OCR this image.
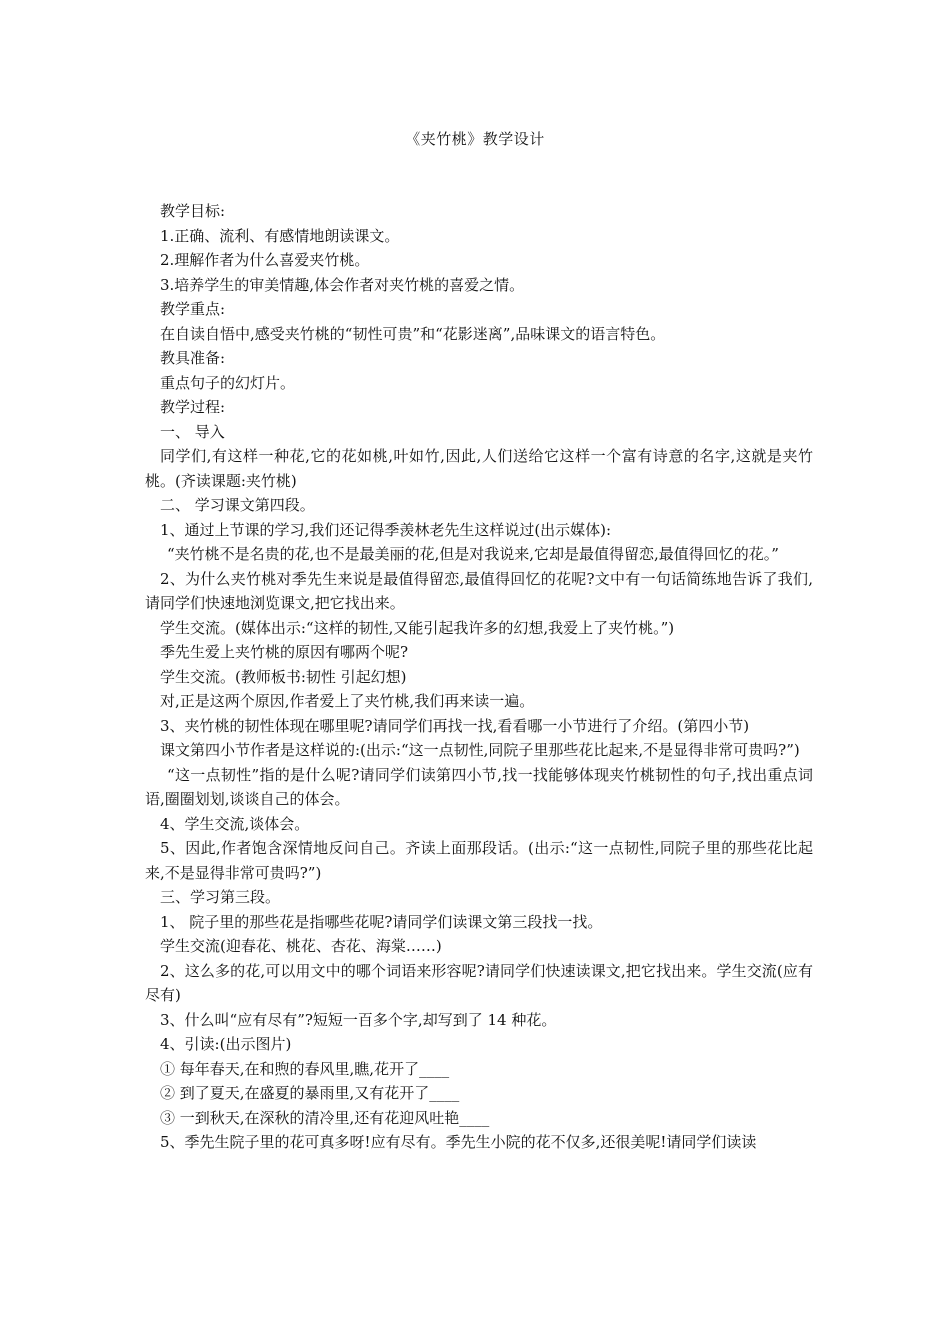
《夹竹桃》教学设计

教学目标:

1.正确、流利、有感情地朗读课文。

2.理解作者为什么喜爱夹竹桃。

3.培养学生的审美情趣,体会作者对夹竹桃的喜爱之情。

教学重点:

在自读自悟中,感受夹竹桃的“韧性可贵”和“花影迷离”,品味课文的语言特色。

教具准备:

重点句子的幻灯片。

教学过程:

一、 导入

同学们,有这样一种花,它的花如桃,叶如竹,因此,人们送给它这样一个富有诗意的名字,这就是夹竹桃。(齐读课题:夹竹桃)

二、 学习课文第四段。

1、通过上节课的学习,我们还记得季羡林老先生这样说过(出示媒体):

“夹竹桃不是名贵的花,也不是最美丽的花,但是对我说来,它却是最值得留恋,最值得回忆的花。”

2、为什么夹竹桃对季先生来说是最值得留恋,最值得回忆的花呢?文中有一句话简练地告诉了我们,请同学们快速地浏览课文,把它找出来。

学生交流。(媒体出示:“这样的韧性,又能引起我许多的幻想,我爱上了夹竹桃。”)

季先生爱上夹竹桃的原因有哪两个呢?

学生交流。(教师板书:韧性 引起幻想)

对,正是这两个原因,作者爱上了夹竹桃,我们再来读一遍。

3、夹竹桃的韧性体现在哪里呢?请同学们再找一找,看看哪一小节进行了介绍。(第四小节)

课文第四小节作者是这样说的:(出示:“这一点韧性,同院子里那些花比起来,不是显得非常可贵吗?”)

“这一点韧性”指的是什么呢?请同学们读第四小节,找一找能够体现夹竹桃韧性的句子,找出重点词语,圈圈划划,谈谈自己的体会。

4、学生交流,谈体会。

5、因此,作者饱含深情地反问自己。齐读上面那段话。(出示:“这一点韧性,同院子里的那些花比起来,不是显得非常可贵吗?”)

三、学习第三段。

1、 院子里的那些花是指哪些花呢?请同学们读课文第三段找一找。

学生交流(迎春花、桃花、杏花、海棠……)

2、这么多的花,可以用文中的哪个词语来形容呢?请同学们快速读课文,把它找出来。学生交流(应有尽有)

3、什么叫“应有尽有”?短短一百多个字,却写到了 14 种花。

4、引读:(出示图片)

① 每年春天,在和煦的春风里,瞧,花开了____

② 到了夏天,在盛夏的暴雨里,又有花开了____

③ 一到秋天,在深秋的清冷里,还有花迎风吐艳____

5、季先生院子里的花可真多呀!应有尽有。季先生小院的花不仅多,还很美呢!请同学们读读
